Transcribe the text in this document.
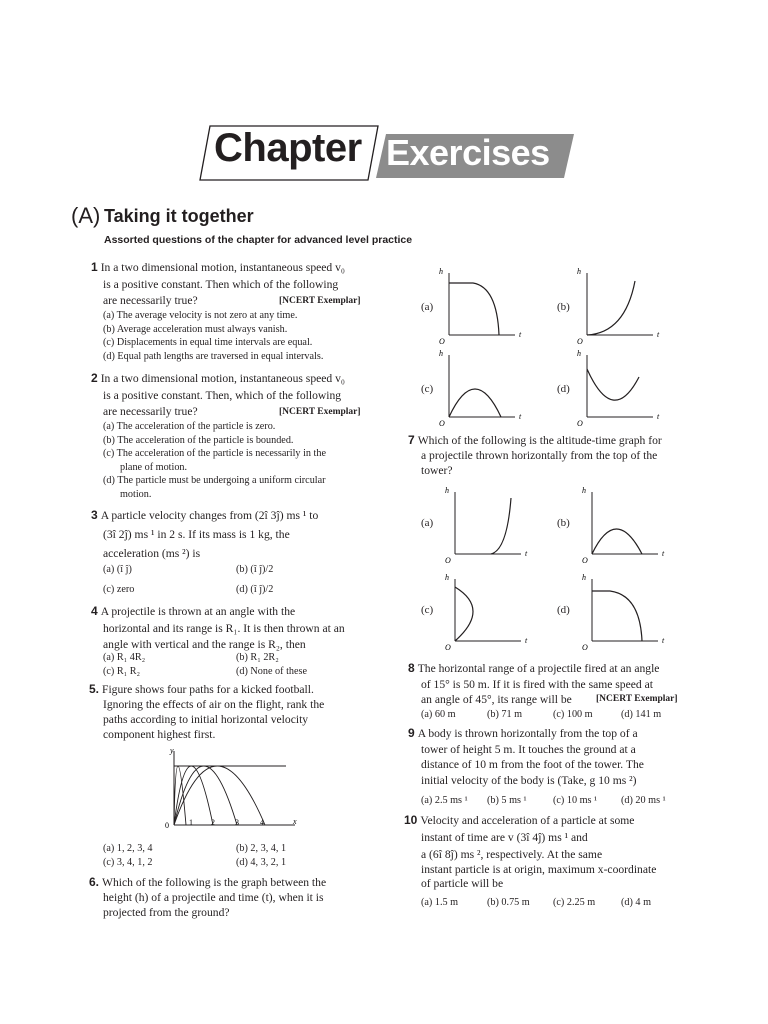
Chapter Exercises
(A) Taking it together
Assorted questions of the chapter for advanced level practice
1 In a two dimensional motion, instantaneous speed v₀
is a positive constant. Then which of the following
are necessarily true?	[NCERT Exemplar]
(a) The average velocity is not zero at any time.
(b) Average acceleration must always vanish.
(c) Displacements in equal time intervals are equal.
(d) Equal path lengths are traversed in equal intervals.
2 In a two dimensional motion, instantaneous speed v₀
is a positive constant. Then, which of the following
are necessarily true?	[NCERT Exemplar]
(a) The acceleration of the particle is zero.
(b) The acceleration of the particle is bounded.
(c) The acceleration of the particle is necessarily in the
plane of motion.
(d) The particle must be undergoing a uniform circular
motion.
3 A particle velocity changes from (2î 3ĵ) ms ¹ to
(3î 2ĵ) ms ¹ in 2 s. If its mass is 1 kg, the
acceleration (ms ²) is
(a) (î ĵ)	(b) (î ĵ)/2
(c) zero	(d) (î ĵ)/2
4 A projectile is thrown at an angle with the
horizontal and its range is R₁. It is then thrown at an
angle with vertical and the range is R₂, then
(a) R₁ 4R₂	(b) R₁ 2R₂
(c) R₁ R₂	(d) None of these
5. Figure shows four paths for a kicked football.
Ignoring the effects of air on the flight, rank the
paths according to initial horizontal velocity
component highest first.
y
x
0	1 2	3	4
(a) 1, 2, 3, 4	(b) 2, 3, 4, 1
(c) 3, 4, 1, 2	(d) 4, 3, 2, 1
6. Which of the following is the graph between the
height (h) of a projectile and time (t), when it is
projected from the ground?
(a)
h
t
O
(b)
h
t
O
(c)
h
t
O
(d)
h
t
O
7 Which of the following is the altitude-time graph for
a projectile thrown horizontally from the top of the
tower?
(a)
h
t
O
(b)
h
t
O
(c)
h
t
O
(d)
h
t
O
8 The horizontal range of a projectile fired at an angle
of 15° is 50 m. If it is fired with the same speed at
an angle of 45°, its range will be	[NCERT Exemplar]
(a) 60 m	(b) 71 m	(c) 100 m	(d) 141 m
9 A body is thrown horizontally from the top of a
tower of height 5 m. It touches the ground at a
distance of 10 m from the foot of the tower. The
initial velocity of the body is (Take, g 10 ms ²)
(a) 2.5 ms ¹ (b) 5 ms ¹	(c) 10 ms ¹ (d) 20 ms ¹
10 Velocity and acceleration of a particle at some
instant of time are v (3î 4ĵ) ms ¹ and
a (6î 8ĵ) ms ², respectively. At the same
instant particle is at origin, maximum x-coordinate
of particle will be
(a) 1.5 m	(b) 0.75 m (c) 2.25 m	(d) 4 m
